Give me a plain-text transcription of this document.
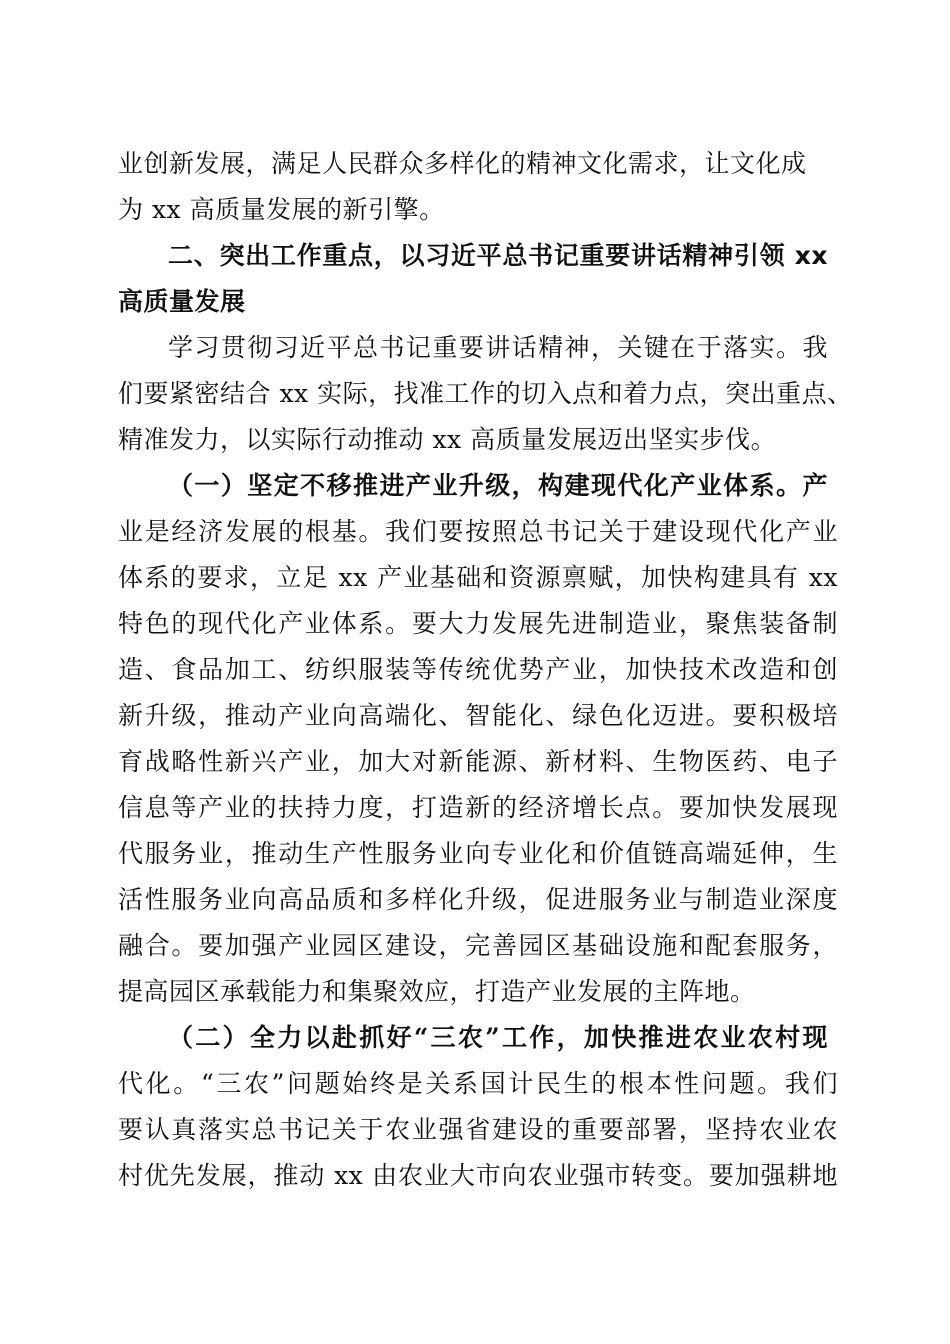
业创新发展，满足人民群众多样化的精神文化需求，让文化成
为 xx 高质量发展的新引擎。
二、突出工作重点，以习近平总书记重要讲话精神引领 xx
高质量发展
学习贯彻习近平总书记重要讲话精神，关键在于落实。我
们要紧密结合 xx 实际，找准工作的切入点和着力点，突出重点、
精准发力，以实际行动推动 xx 高质量发展迈出坚实步伐。
（一）坚定不移推进产业升级，构建现代化产业体系。产
业是经济发展的根基。我们要按照总书记关于建设现代化产业
体系的要求，立足 xx 产业基础和资源禀赋，加快构建具有 xx
特色的现代化产业体系。要大力发展先进制造业，聚焦装备制
造、食品加工、纺织服装等传统优势产业，加快技术改造和创
新升级，推动产业向高端化、智能化、绿色化迈进。要积极培
育战略性新兴产业，加大对新能源、新材料、生物医药、电子
信息等产业的扶持力度，打造新的经济增长点。要加快发展现
代服务业，推动生产性服务业向专业化和价值链高端延伸，生
活性服务业向高品质和多样化升级，促进服务业与制造业深度
融合。要加强产业园区建设，完善园区基础设施和配套服务，
提高园区承载能力和集聚效应，打造产业发展的主阵地。
（二）全力以赴抓好“三农”工作，加快推进农业农村现
代化。“三农”问题始终是关系国计民生的根本性问题。我们
要认真落实总书记关于农业强省建设的重要部署，坚持农业农
村优先发展，推动 xx 由农业大市向农业强市转变。要加强耕地
